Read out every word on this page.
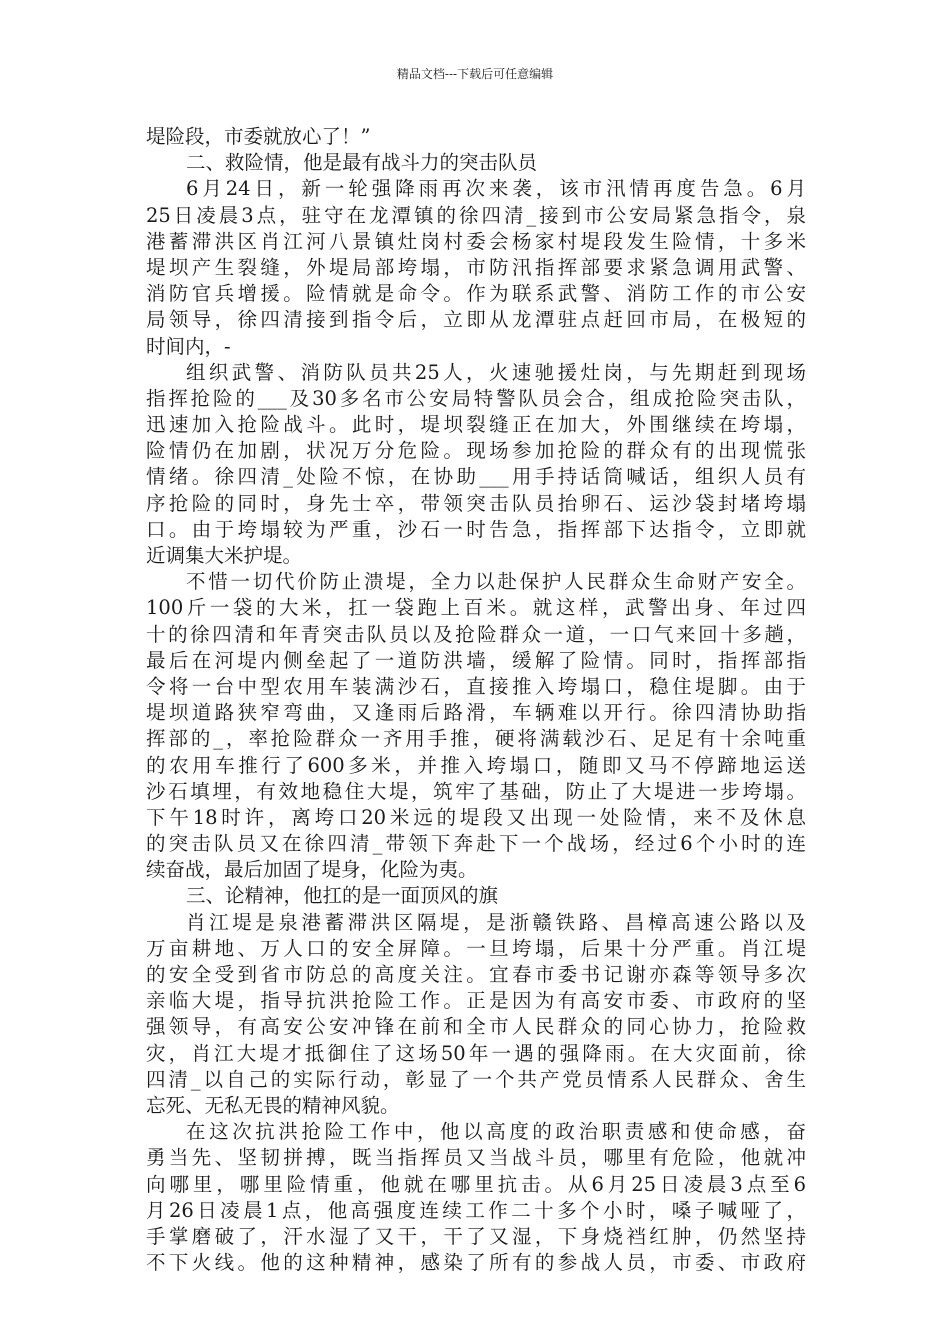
精品文档---下载后可任意编辑
堤险段，市委就放心了！”
二、救险情，他是最有战斗力的突击队员
6月24日，新一轮强降雨再次来袭，该市汛情再度告急。6月
25日凌晨3点，驻守在龙潭镇的徐四清_接到市公安局紧急指令，泉
港蓄滞洪区肖江河八景镇灶岗村委会杨家村堤段发生险情，十多米
堤坝产生裂缝，外堤局部垮塌，市防汛指挥部要求紧急调用武警、
消防官兵增援。险情就是命令。作为联系武警、消防工作的市公安
局领导，徐四清接到指令后，立即从龙潭驻点赶回市局，在极短的
时间内，-
组织武警、消防队员共25人，火速驰援灶岗，与先期赶到现场
指挥抢险的___及30多名市公安局特警队员会合，组成抢险突击队，
迅速加入抢险战斗。此时，堤坝裂缝正在加大，外围继续在垮塌，
险情仍在加剧，状况万分危险。现场参加抢险的群众有的出现慌张
情绪。徐四清_处险不惊，在协助___用手持话筒喊话，组织人员有
序抢险的同时，身先士卒，带领突击队员抬卵石、运沙袋封堵垮塌
口。由于垮塌较为严重，沙石一时告急，指挥部下达指令，立即就
近调集大米护堤。
不惜一切代价防止溃堤，全力以赴保护人民群众生命财产安全。
100斤一袋的大米，扛一袋跑上百米。就这样，武警出身、年过四
十的徐四清和年青突击队员以及抢险群众一道，一口气来回十多趟，
最后在河堤内侧垒起了一道防洪墙，缓解了险情。同时，指挥部指
令将一台中型农用车装满沙石，直接推入垮塌口，稳住堤脚。由于
堤坝道路狭窄弯曲，又逢雨后路滑，车辆难以开行。徐四清协助指
挥部的_，率抢险群众一齐用手推，硬将满载沙石、足足有十余吨重
的农用车推行了600多米，并推入垮塌口，随即又马不停蹄地运送
沙石填埋，有效地稳住大堤，筑牢了基础，防止了大堤进一步垮塌。
下午18时许，离垮口20米远的堤段又出现一处险情，来不及休息
的突击队员又在徐四清_带领下奔赴下一个战场，经过6个小时的连
续奋战，最后加固了堤身，化险为夷。
三、论精神，他扛的是一面顶风的旗
肖江堤是泉港蓄滞洪区隔堤，是浙赣铁路、昌樟高速公路以及
万亩耕地、万人口的安全屏障。一旦垮塌，后果十分严重。肖江堤
的安全受到省市防总的高度关注。宜春市委书记谢亦森等领导多次
亲临大堤，指导抗洪抢险工作。正是因为有高安市委、市政府的坚
强领导，有高安公安冲锋在前和全市人民群众的同心协力，抢险救
灾，肖江大堤才抵御住了这场50年一遇的强降雨。在大灾面前，徐
四清_以自己的实际行动，彰显了一个共产党员情系人民群众、舍生
忘死、无私无畏的精神风貌。
在这次抗洪抢险工作中，他以高度的政治职责感和使命感，奋
勇当先、坚韧拼搏，既当指挥员又当战斗员，哪里有危险，他就冲
向哪里，哪里险情重，他就在哪里抗击。从6月25日凌晨3点至6
月26日凌晨1点，他高强度连续工作二十多个小时，嗓子喊哑了，
手掌磨破了，汗水湿了又干，干了又湿，下身烧裆红肿，仍然坚持
不下火线。他的这种精神，感染了所有的参战人员，市委、市政府
